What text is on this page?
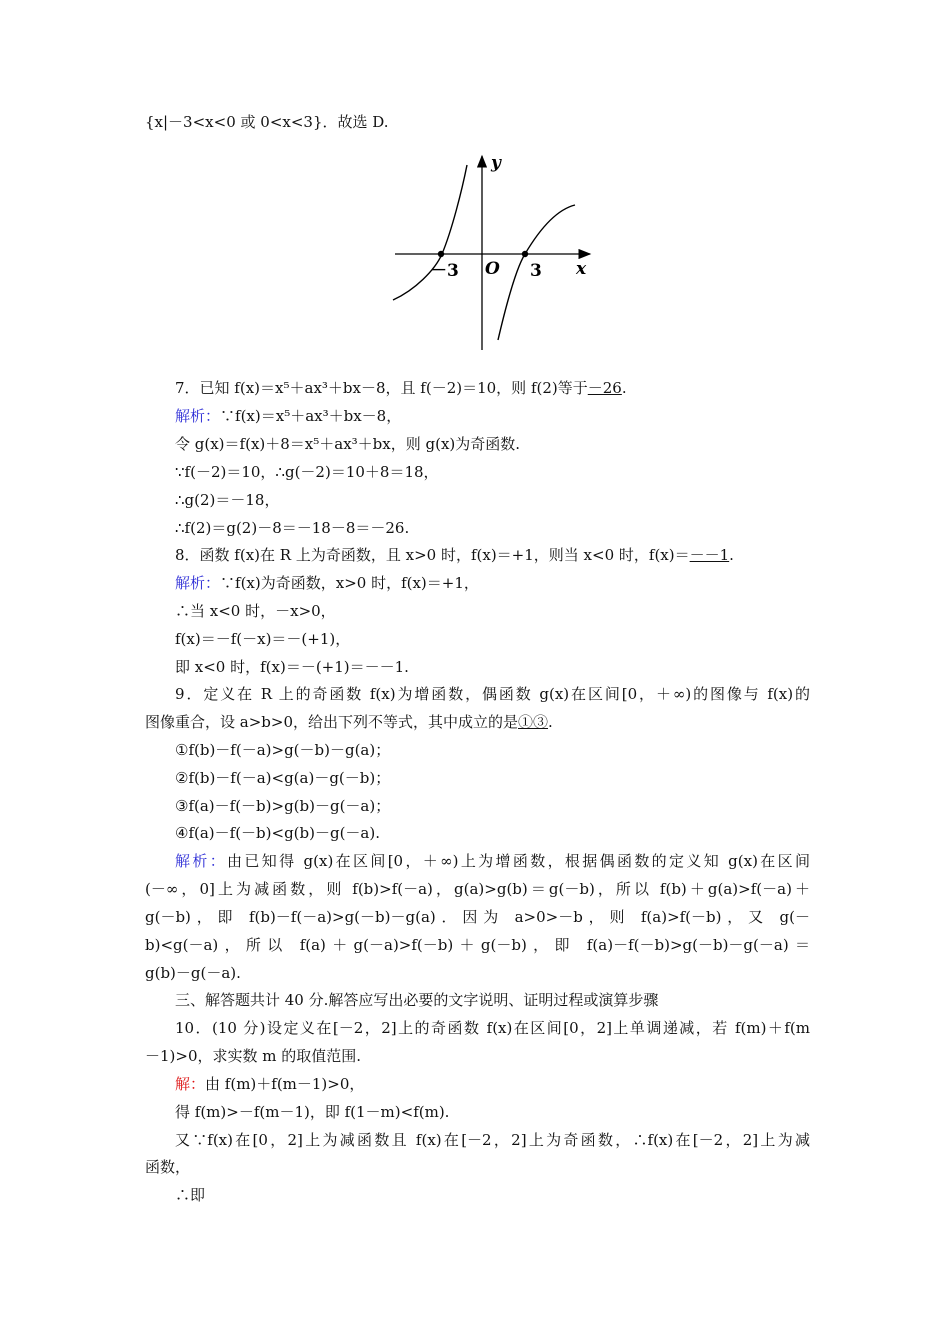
{x|－3<x<0 或 0<x<3}．故选 D.
7．已知 f(x)＝x⁵＋ax³＋bx－8，且 f(－2)＝10，则 f(2)等于－26.
解析：∵f(x)＝x⁵＋ax³＋bx－8，
令 g(x)＝f(x)＋8＝x⁵＋ax³＋bx，则 g(x)为奇函数.
∵f(－2)＝10，∴g(－2)＝10＋8＝18，
∴g(2)＝－18，
∴f(2)＝g(2)－8＝－18－8＝－26.
8．函数 f(x)在 R 上为奇函数，且 x>0 时，f(x)＝+1，则当 x<0 时，f(x)＝－－1.
解析：∵f(x)为奇函数，x>0 时，f(x)＝+1，
∴当 x<0 时，－x>0，
f(x)＝－f(－x)＝－(+1)，
即 x<0 时，f(x)＝－(+1)＝－－1.
9．定义在 R 上的奇函数 f(x)为增函数，偶函数 g(x)在区间[0，＋∞)的图像与 f(x)的
图像重合，设 a>b>0，给出下列不等式，其中成立的是①③.
①f(b)－f(－a)>g(－b)－g(a)；
②f(b)－f(－a)<g(a)－g(－b)；
③f(a)－f(－b)>g(b)－g(－a)；
④f(a)－f(－b)<g(b)－g(－a).
解析：由已知得 g(x)在区间[0，＋∞)上为增函数，根据偶函数的定义知 g(x)在区间
(－∞，0]上为减函数，则 f(b)>f(－a)，g(a)>g(b)＝g(－b)，所以 f(b)＋g(a)>f(－a)＋
g(－b)，即 f(b)－f(－a)>g(－b)－g(a)．因为 a>0>－b，则 f(a)>f(－b)，又 g(－
b)<g(－a)，所以 f(a)＋g(－a)>f(－b)＋g(－b)，即 f(a)－f(－b)>g(－b)－g(－a)＝
g(b)－g(－a).
三、解答题共计 40 分.解答应写出必要的文字说明、证明过程或演算步骤
10．(10 分)设定义在[－2，2]上的奇函数 f(x)在区间[0，2]上单调递减，若 f(m)＋f(m
－1)>0，求实数 m 的取值范围.
解：由 f(m)＋f(m－1)>0，
得 f(m)>－f(m－1)，即 f(1－m)<f(m).
又∵f(x)在[0，2]上为减函数且 f(x)在[－2，2]上为奇函数，∴f(x)在[－2，2]上为减
函数，
∴即
y
x
O
－3	3
